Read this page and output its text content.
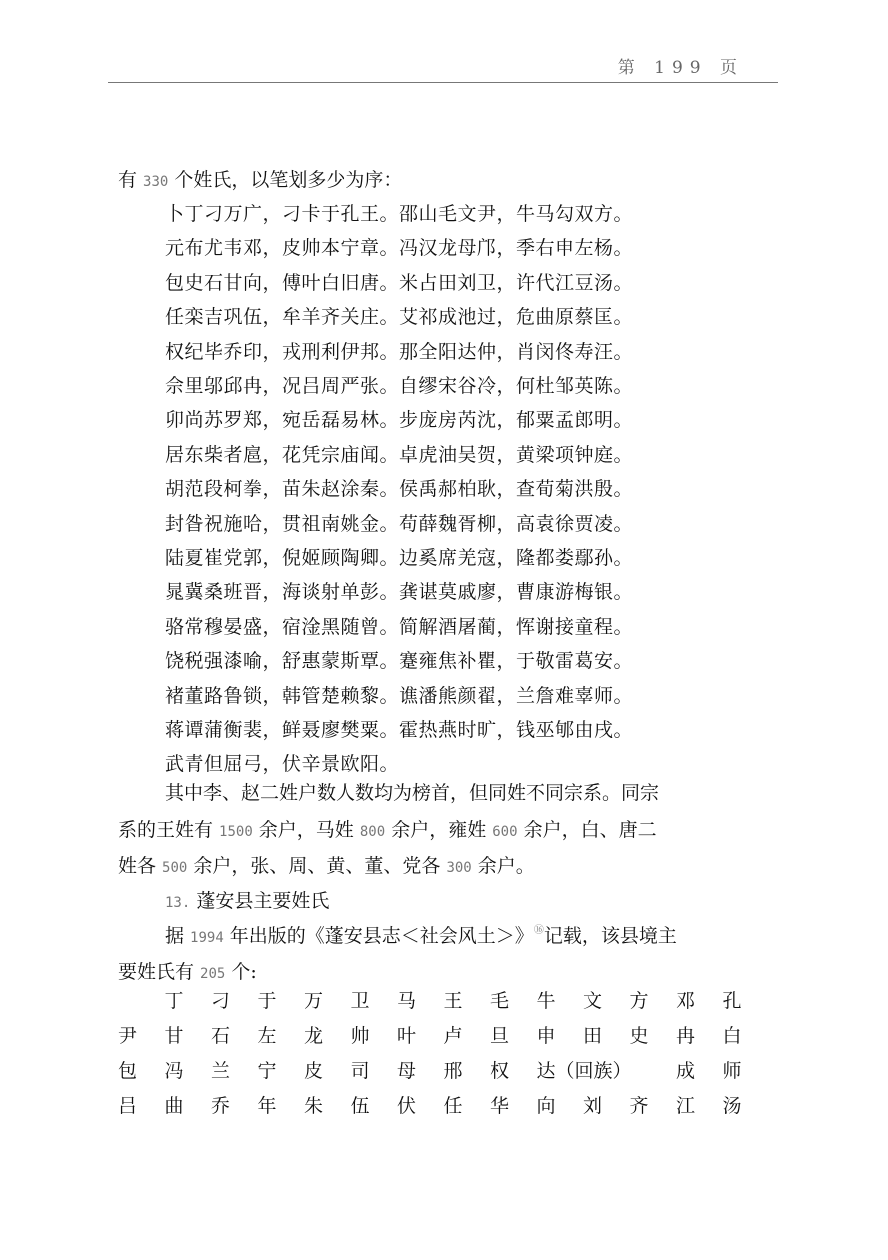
第 199 页
有 330 个姓氏，以笔划多少为序：
卜丁刁万广，刁卡于孔王。邵山毛文尹，牛马勾双方。
元布尤韦邓，皮帅本宁章。冯汉龙母邝，季右申左杨。
包史石甘向，傅叶白旧唐。米占田刘卫，许代江豆汤。
任栾吉巩伍，牟羊齐关庄。艾祁成池过，危曲原蔡匡。
权纪毕乔印，戎刑利伊邦。那全阳达仲，肖闵佟寿汪。
佘里邬邱冉，况吕周严张。自缪宋谷冷，何杜邹英陈。
卯尚苏罗郑，宛岳磊易林。步庞房芮沈，郁粟孟郎明。
居东柴者扈，花凭宗庙闻。卓虎油吴贺，黄梁项钟庭。
胡范段柯拳，苗朱赵涂秦。侯禹郝柏耿，查荀菊洪殷。
封昝祝施哈，贯祖南姚金。苟薛魏胥柳，高袁徐贾凌。
陆夏崔党郭，倪姬顾陶卿。边奚席羌寇，隆都娄鄢孙。
晁冀桑班晋，海谈射单彭。龚谌莫戚廖，曹康游梅银。
骆常穆晏盛，宿淦黑随曾。简解酒屠蔺，恽谢接童程。
饶税强漆喻，舒惠蒙斯覃。蹇雍焦补瞿，于敬雷葛安。
褚董路鲁锁，韩管楚赖黎。谯潘熊颜翟，兰詹难辜师。
蒋谭蒲衡裴，鲜聂廖樊粟。霍热燕时旷，钱巫郇由戌。
武青但屈弓，伏辛景欧阳。
其中李、赵二姓户数人数均为榜首，但同姓不同宗系。同宗
系的王姓有 1500 余户，马姓 800 余户，雍姓 600 余户，白、唐二
姓各 500 余户，张、周、黄、董、党各 300 余户。
13. 蓬安县主要姓氏
据 1994 年出版的《蓬安县志＜社会风土＞》⑯记载，该县境主
要姓氏有 205 个:
丁 刁 于 万 卫 马 王 毛 牛 文 方 邓 孔
尹 甘 石 左 龙 帅 叶 卢 旦 申 田 史 冉 白
包 冯 兰 宁 皮 司 母 邢 权 达（回族） 成 师
吕 曲 乔 年 朱 伍 伏 任 华 向 刘 齐 江 汤
